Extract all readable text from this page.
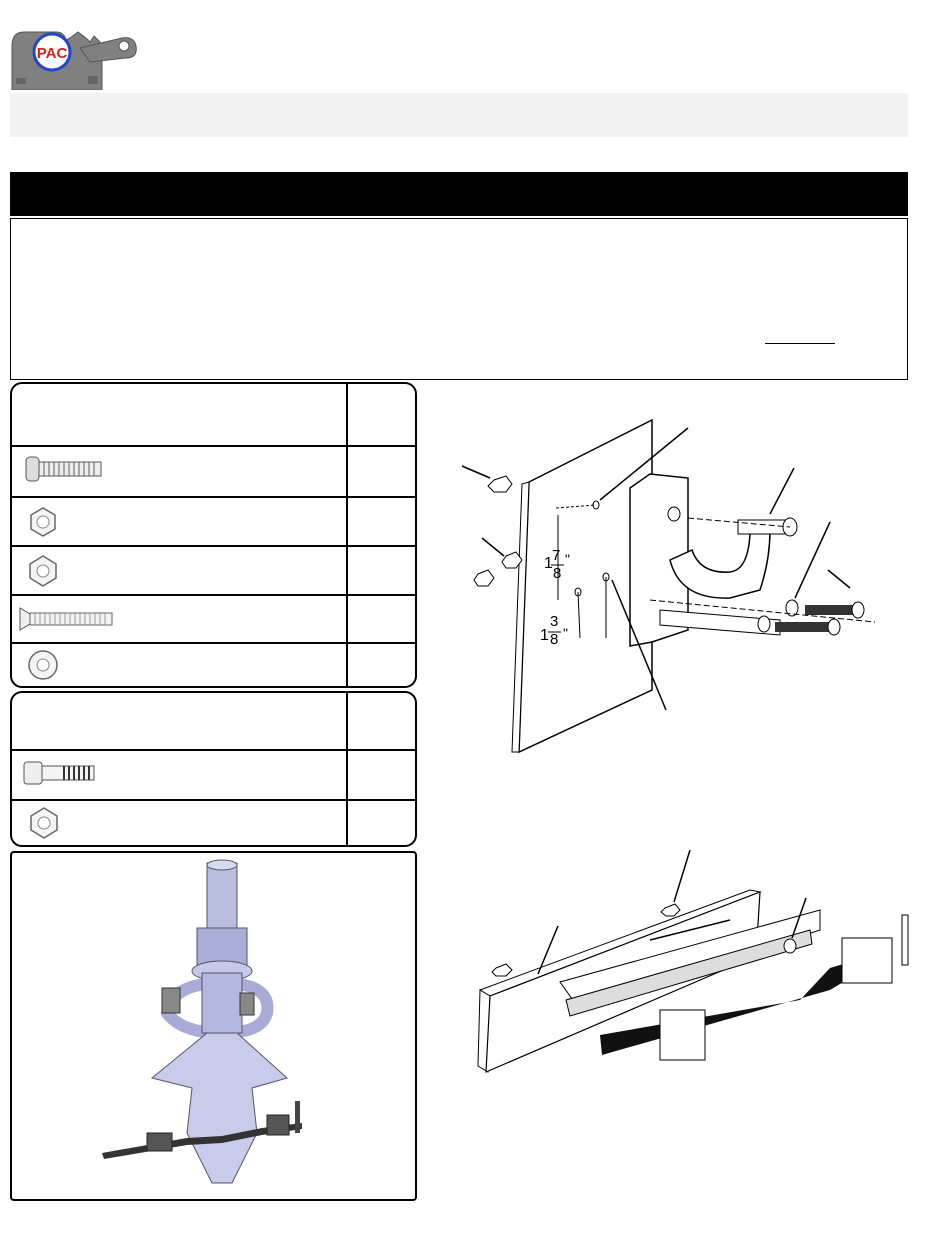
PAC
1 7
8
"
1
3
8 "
